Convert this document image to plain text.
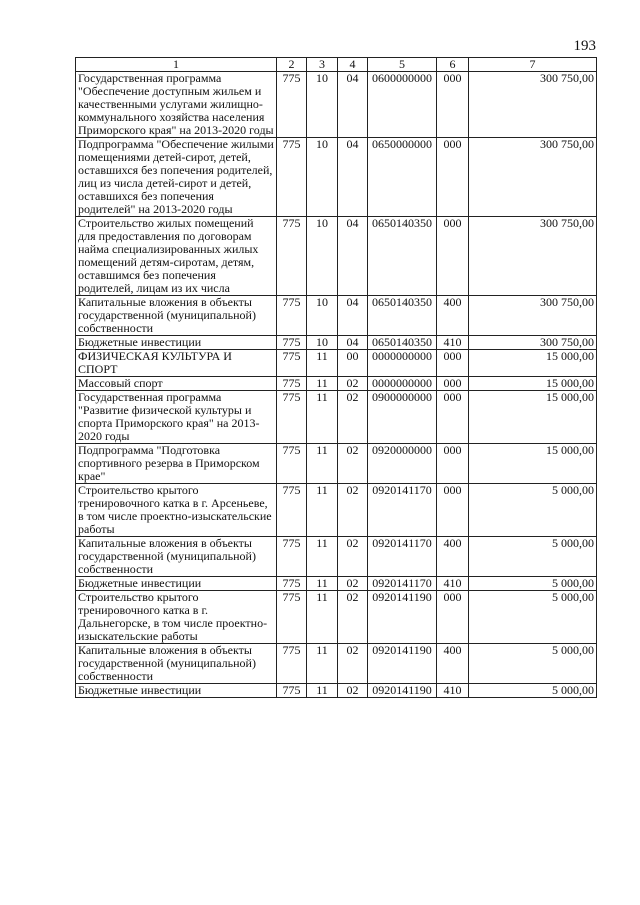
193
1	2	3	4	5	6	7
Государственная программа "Обеспечение доступным жильем и качественными услугами жилищно-коммунального хозяйства населения Приморского края" на 2013-2020 годы	775	10	04	0600000000	000	300 750,00
Подпрограмма "Обеспечение жилыми помещениями детей-сирот, детей, оставшихся без попечения родителей, лиц из числа детей-сирот и детей, оставшихся без попечения родителей" на 2013-2020 годы	775	10	04	0650000000	000	300 750,00
Строительство жилых помещений для предоставления по договорам найма специализированных жилых помещений детям-сиротам, детям, оставшимся без попечения родителей, лицам из их числа	775	10	04	0650140350	000	300 750,00
Капитальные вложения в объекты государственной (муниципальной) собственности	775	10	04	0650140350	400	300 750,00
Бюджетные инвестиции	775	10	04	0650140350	410	300 750,00
ФИЗИЧЕСКАЯ КУЛЬТУРА И СПОРТ	775	11	00	0000000000	000	15 000,00
Массовый спорт	775	11	02	0000000000	000	15 000,00
Государственная программа "Развитие физической культуры и спорта Приморского края" на 2013-2020 годы	775	11	02	0900000000	000	15 000,00
Подпрограмма "Подготовка спортивного резерва в Приморском крае"	775	11	02	0920000000	000	15 000,00
Строительство крытого тренировочного катка в г. Арсеньеве, в том числе проектно-изыскательские работы	775	11	02	0920141170	000	5 000,00
Капитальные вложения в объекты государственной (муниципальной) собственности	775	11	02	0920141170	400	5 000,00
Бюджетные инвестиции	775	11	02	0920141170	410	5 000,00
Строительство крытого тренировочного катка в г. Дальнегорске, в том числе проектно-изыскательские работы	775	11	02	0920141190	000	5 000,00
Капитальные вложения в объекты государственной (муниципальной) собственности	775	11	02	0920141190	400	5 000,00
Бюджетные инвестиции	775	11	02	0920141190	410	5 000,00
